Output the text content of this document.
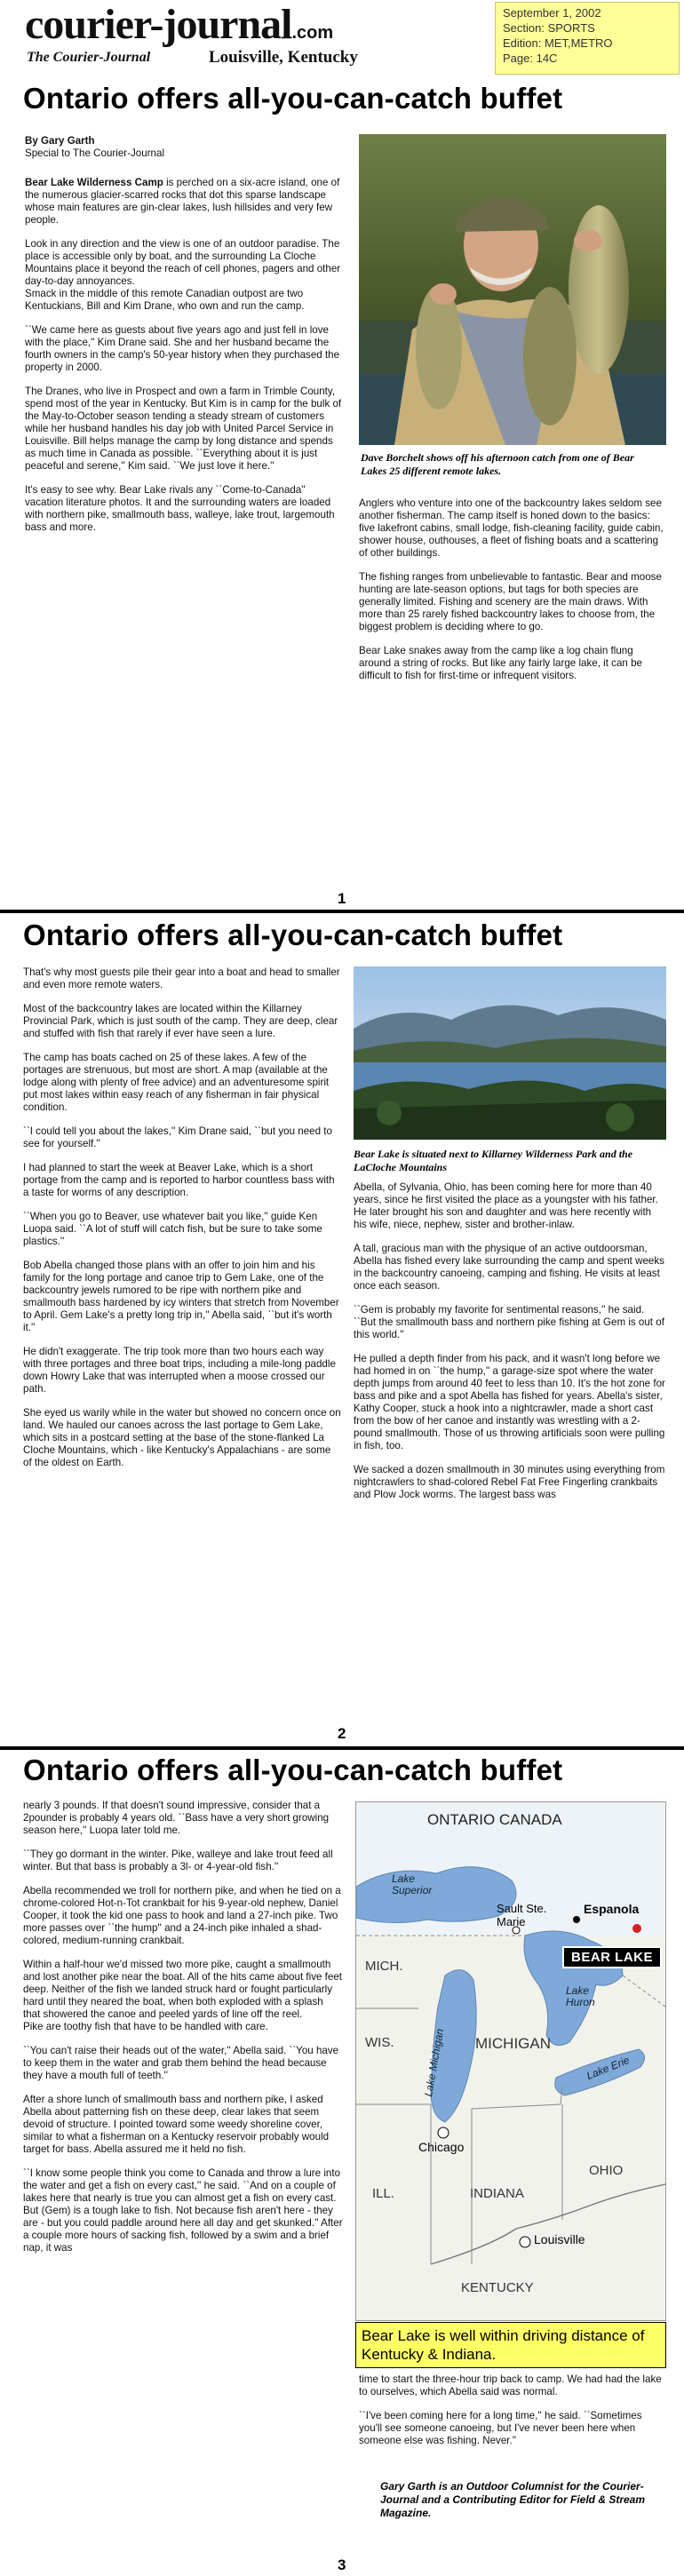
courier-journal.com
The Courier-Journal	Louisville, Kentucky
September 1, 2002
Section: SPORTS
Edition: MET,METRO
Page: 14C
Ontario offers all-you-can-catch buffet
By Gary Garth
Special to The Courier-Journal

Bear Lake Wilderness Camp is perched on a six-acre island, one of the numerous glacier-scarred rocks that dot this sparse landscape whose main features are gin-clear lakes, lush hillsides and very few people.

Look in any direction and the view is one of an outdoor paradise. The place is accessible only by boat, and the surrounding La Cloche Mountains place it beyond the reach of cell phones, pagers and other day-to-day annoyances.
Smack in the middle of this remote Canadian outpost are two Kentuckians, Bill and Kim Drane, who own and run the camp.

``We came here as guests about five years ago and just fell in love with the place,'' Kim Drane said. She and her husband became the fourth owners in the camp's 50-year history when they purchased the property in 2000.

The Dranes, who live in Prospect and own a farm in Trimble County, spend most of the year in Kentucky. But Kim is in camp for the bulk of the May-to-October season tending a steady stream of customers while her husband handles his day job with United Parcel Service in Louisville. Bill helps manage the camp by long distance and spends as much time in Canada as possible. ``Everything about it is just peaceful and serene,'' Kim said. ``We just love it here.''

It's easy to see why. Bear Lake rivals any ``Come-to-Canada'' vacation literature photos. It and the surrounding waters are loaded with northern pike, smallmouth bass, walleye, lake trout, largemouth bass and more.

Dave Borchelt shows off his afternoon catch from one of Bear Lakes 25 different remote lakes.

Anglers who venture into one of the backcountry lakes seldom see another fisherman. The camp itself is honed down to the basics: five lakefront cabins, small lodge, fish-cleaning facility, guide cabin, shower house, outhouses, a fleet of fishing boats and a scattering of other buildings.

The fishing ranges from unbelievable to fantastic. Bear and moose hunting are late-season options, but tags for both species are generally limited. Fishing and scenery are the main draws. With more than 25 rarely fished backcountry lakes to choose from, the biggest problem is deciding where to go.

Bear Lake snakes away from the camp like a log chain flung around a string of rocks. But like any fairly large lake, it can be difficult to fish for first-time or infrequent visitors.

1
Ontario offers all-you-can-catch buffet

That's why most guests pile their gear into a boat and head to smaller and even more remote waters.

Most of the backcountry lakes are located within the Killarney Provincial Park, which is just south of the camp. They are deep, clear and stuffed with fish that rarely if ever have seen a lure.

The camp has boats cached on 25 of these lakes. A few of the portages are strenuous, but most are short. A map (available at the lodge along with plenty of free advice) and an adventuresome spirit put most lakes within easy reach of any fisherman in fair physical condition.

``I could tell you about the lakes,'' Kim Drane said, ``but you need to see for yourself.''

I had planned to start the week at Beaver Lake, which is a short portage from the camp and is reported to harbor countless bass with a taste for worms of any description.

``When you go to Beaver, use whatever bait you like,'' guide Ken Luopa said. ``A lot of stuff will catch fish, but be sure to take some plastics.''

Bob Abella changed those plans with an offer to join him and his family for the long portage and canoe trip to Gem Lake, one of the backcountry jewels rumored to be ripe with northern pike and smallmouth bass hardened by icy winters that stretch from November to April. Gem Lake's a pretty long trip in,'' Abella said, ``but it's worth it.''

He didn't exaggerate. The trip took more than two hours each way with three portages and three boat trips, including a mile-long paddle down Howry Lake that was interrupted when a moose crossed our path.

She eyed us warily while in the water but showed no concern once on land. We hauled our canoes across the last portage to Gem Lake, which sits in a postcard setting at the base of the stone-flanked La Cloche Mountains, which - like Kentucky's Appalachians - are some of the oldest on Earth.

Bear Lake is situated next to Killarney Wilderness Park and the LaCloche Mountains

Abella, of Sylvania, Ohio, has been coming here for more than 40 years, since he first visited the place as a youngster with his father. He later brought his son and daughter and was here recently with his wife, niece, nephew, sister and brother-inlaw.

A tall, gracious man with the physique of an active outdoorsman, Abella has fished every lake surrounding the camp and spent weeks in the backcountry canoeing, camping and fishing. He visits at least once each season.

``Gem is probably my favorite for sentimental reasons,'' he said. ``But the smallmouth bass and northern pike fishing at Gem is out of this world.''

He pulled a depth finder from his pack, and it wasn't long before we had homed in on ``the hump,'' a garage-size spot where the water depth jumps from around 40 feet to less than 10. It's the hot zone for bass and pike and a spot Abella has fished for years. Abella's sister, Kathy Cooper, stuck a hook into a nightcrawler, made a short cast from the bow of her canoe and instantly was wrestling with a 2-pound smallmouth. Those of us throwing artificials soon were pulling in fish, too.

We sacked a dozen smallmouth in 30 minutes using everything from nightcrawlers to shad-colored Rebel Fat Free Fingerling crankbaits and Plow Jock worms. The largest bass was

2
Ontario offers all-you-can-catch buffet

nearly 3 pounds. If that doesn't sound impressive, consider that a 2pounder is probably 4 years old. ``Bass have a very short growing season here,'' Luopa later told me.

``They go dormant in the winter. Pike, walleye and lake trout feed all winter. But that bass is probably a 3l- or 4-year-old fish.''

Abella recommended we troll for northern pike, and when he tied on a chrome-colored Hot-n-Tot crankbait for his 9-year-old nephew, Daniel Cooper, it took the kid one pass to hook and land a 27-inch pike. Two more passes over ``the hump'' and a 24-inch pike inhaled a shad-colored, medium-running crankbait.

Within a half-hour we'd missed two more pike, caught a smallmouth and lost another pike near the boat. All of the hits came about five feet deep. Neither of the fish we landed struck hard or fought particularly hard until they neared the boat, when both exploded with a splash that showered the canoe and peeled yards of line off the reel.
Pike are toothy fish that have to be handled with care.

``You can't raise their heads out of the water,'' Abella said. ``You have to keep them in the water and grab them behind the head because they have a mouth full of teeth.''

After a shore lunch of smallmouth bass and northern pike, I asked Abella about patterning fish on these deep, clear lakes that seem devoid of structure. I pointed toward some weedy shoreline cover, similar to what a fisherman on a Kentucky reservoir probably would target for bass. Abella assured me it held no fish.

``I know some people think you come to Canada and throw a lure into the water and get a fish on every cast,'' he said. ``And on a couple of lakes here that nearly is true you can almost get a fish on every cast. But (Gem) is a tough lake to fish. Not because fish aren't here - they are - but you could paddle around here all day and get skunked.'' After a couple more hours of sacking fish, followed by a swim and a brief nap, it was

ONTARIO CANADA
Lake Superior
Sault Ste. Marie
Espanola
BEAR LAKE
MICH.
Lake Huron
WIS.	Lake Michigan MICHIGAN
Lake Erie
Chicago
ILL.	INDIANA
OHIO
Louisville
KENTUCKY
Bear Lake is well within driving distance of Kentucky & Indiana.

time to start the three-hour trip back to camp. We had had the lake to ourselves, which Abella said was normal.

``I've been coming here for a long time,'' he said. ``Sometimes you'll see someone canoeing, but I've never been here when someone else was fishing. Never.''

Gary Garth is an Outdoor Columnist for the Courier-Journal and a Contributing Editor for Field & Stream Magazine.
3
